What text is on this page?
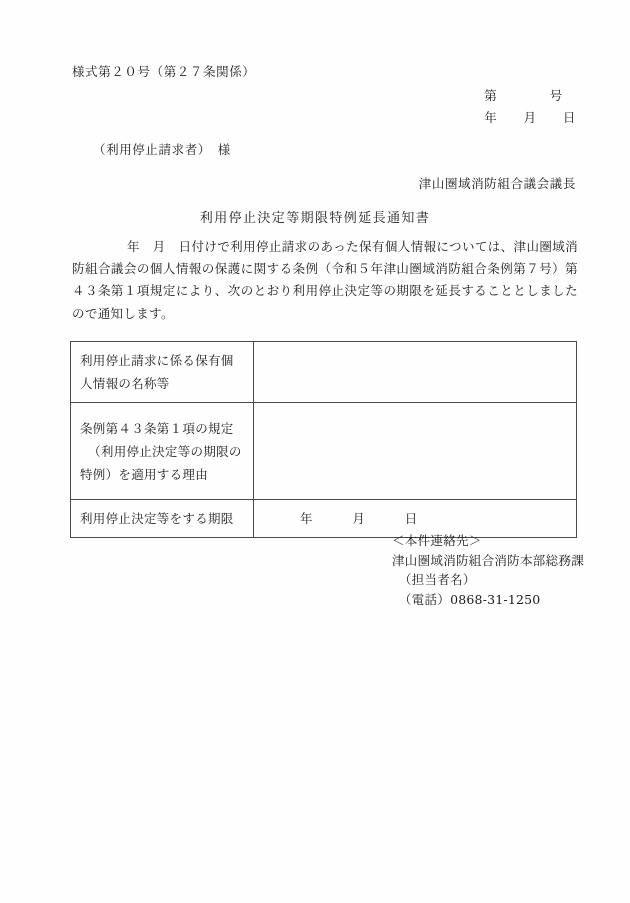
様式第２０号（第２７条関係）
第　　　　号
年　　月　　日
（利用停止請求者）　様
津山圏域消防組合議会議長
利用停止決定等期限特例延長通知書
年　月　日付けで利用停止請求のあった保有個人情報については、津山圏域消防組合議会の個人情報の保護に関する条例（令和５年津山圏域消防組合条例第７号）第４３条第１項規定により、次のとおり利用停止決定等の期限を延長することとしましたので通知します。
利用停止請求に係る保有個
人情報の名称等	

条例第４３条第１項の規定
（利用停止決定等の期限の
特例）を適用する理由	

利用停止決定等をする期限	年　　　月　　　日
＜本件連絡先＞
津山圏域消防組合消防本部総務課
（担当者名）
（電話）0868-31-1250
